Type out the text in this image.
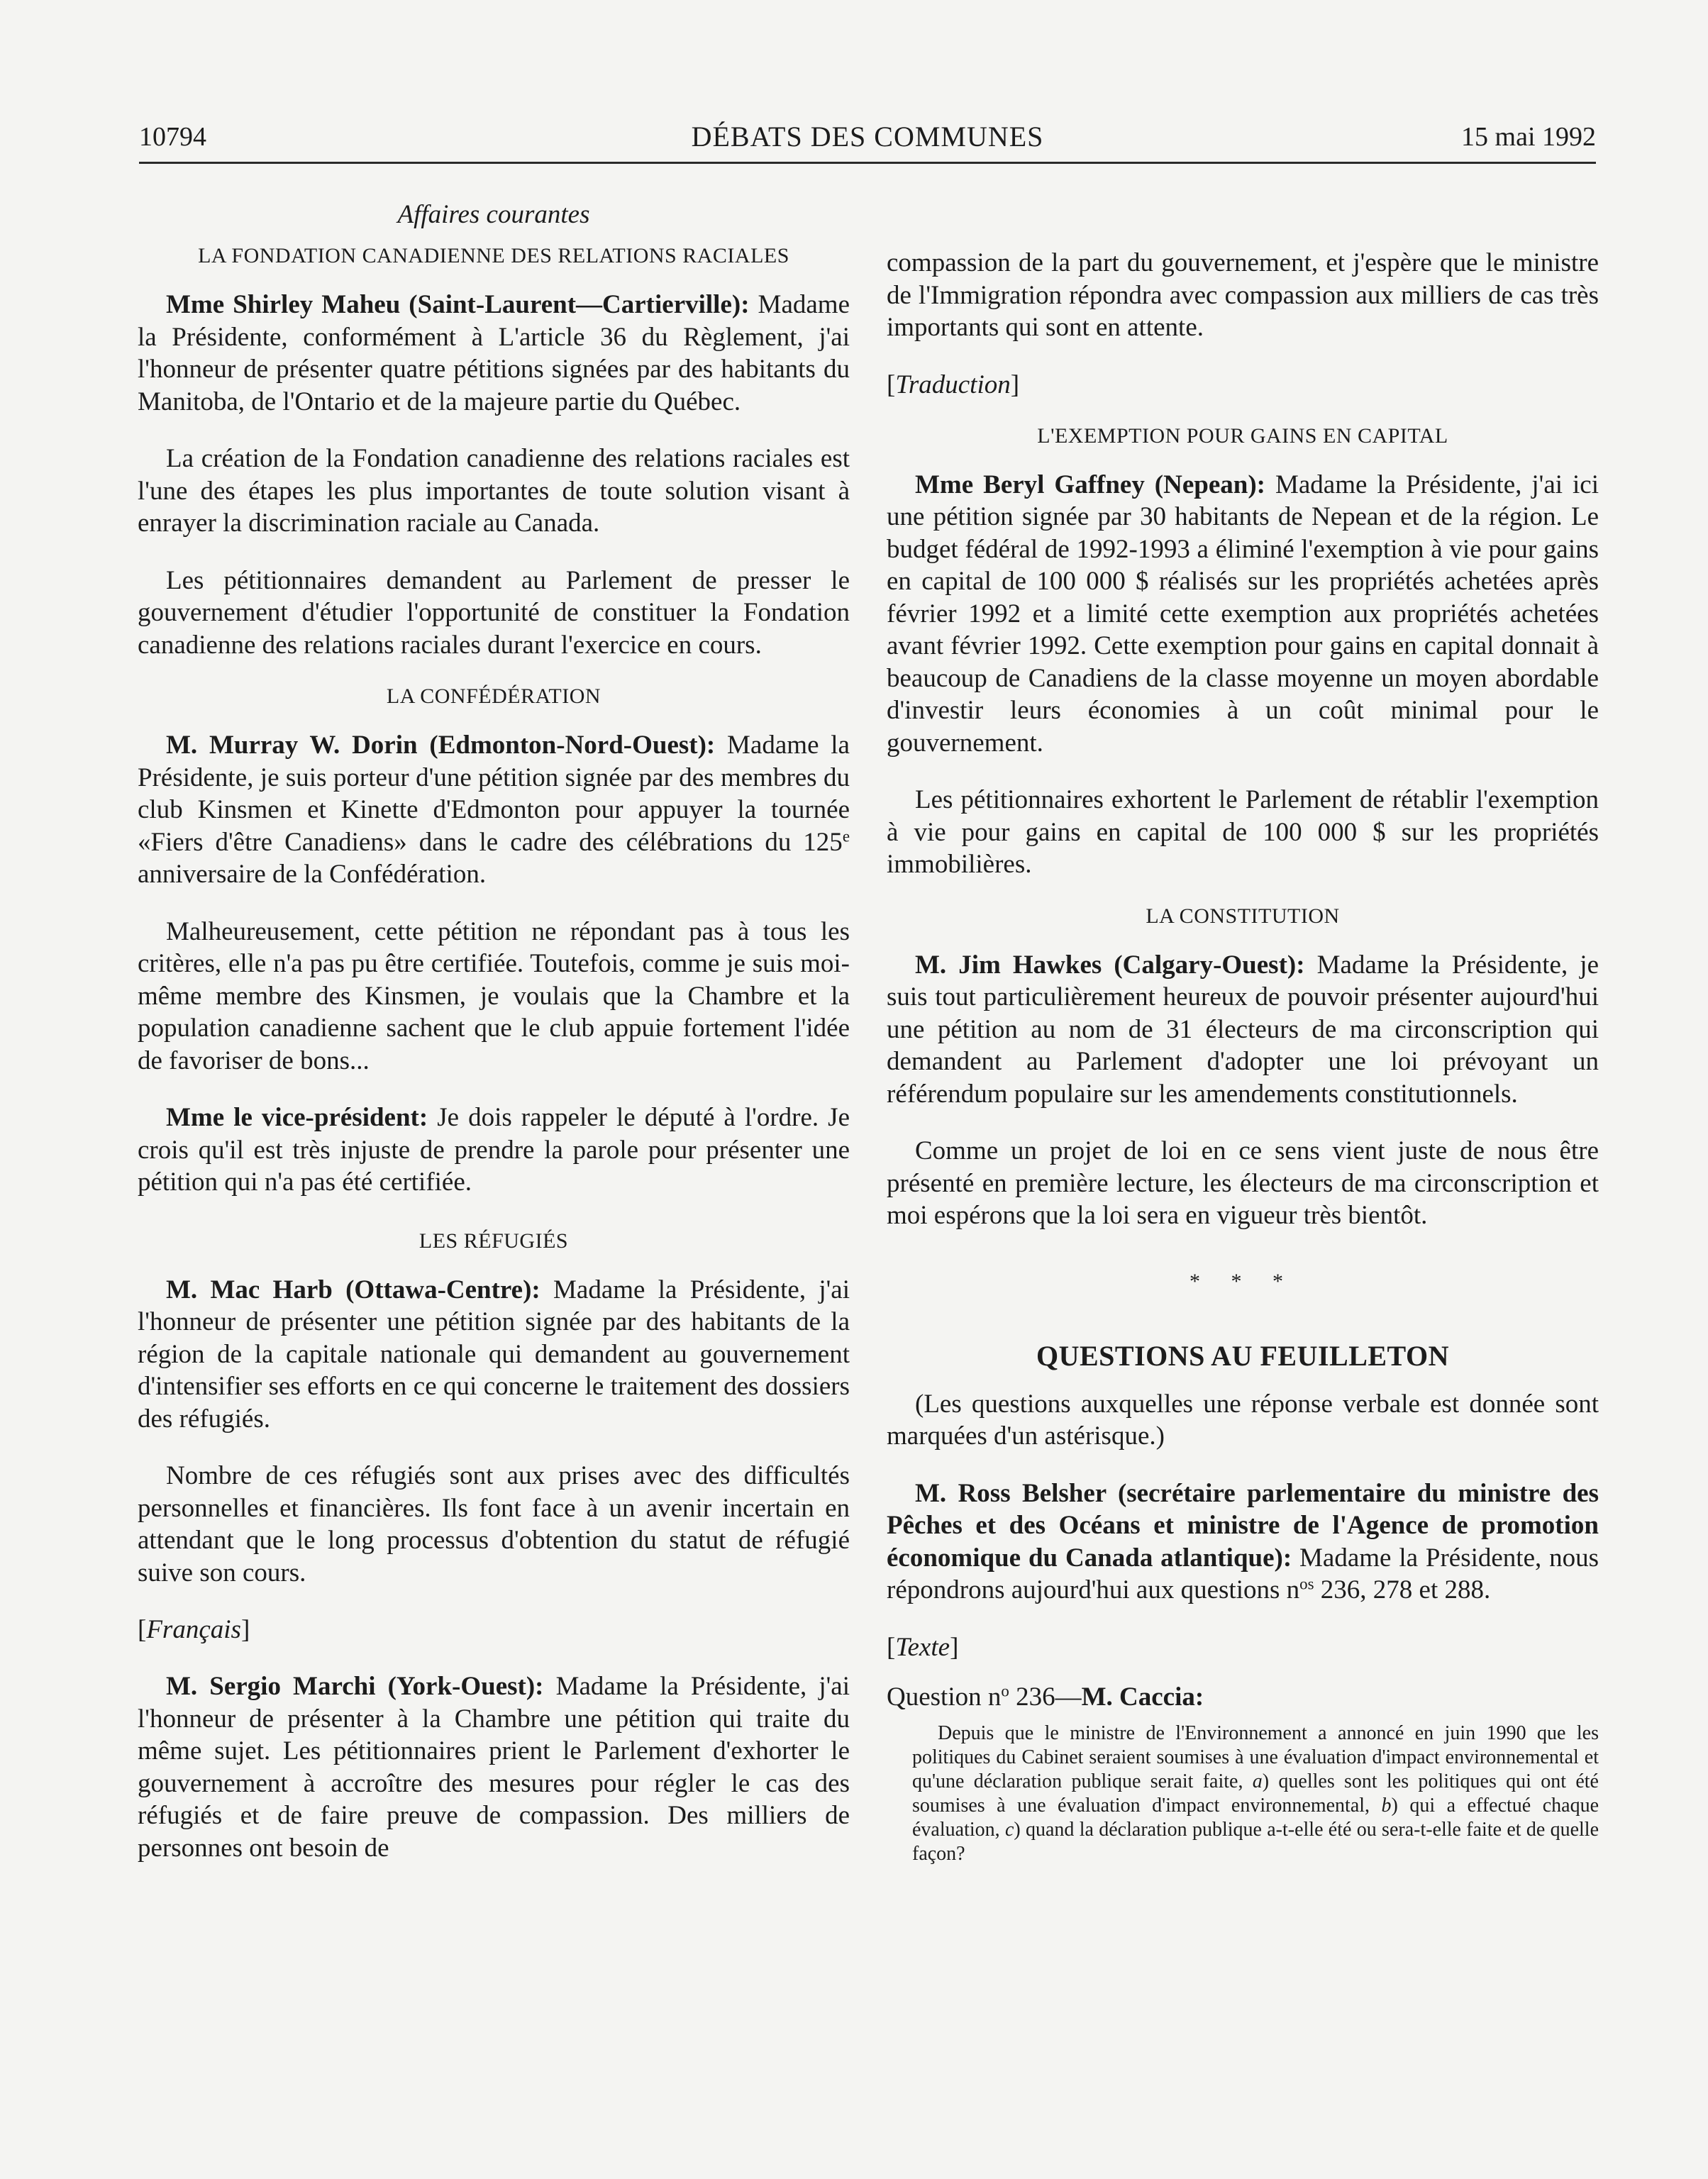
10794	DÉBATS DES COMMUNES	15 mai 1992
Affaires courantes
LA FONDATION CANADIENNE DES RELATIONS RACIALES

Mme Shirley Maheu (Saint-Laurent—Cartierville): Madame la Présidente, conformément à L'article 36 du Règlement, j'ai l'honneur de présenter quatre pétitions signées par des habitants du Manitoba, de l'Ontario et de la majeure partie du Québec.

La création de la Fondation canadienne des relations raciales est l'une des étapes les plus importantes de toute solution visant à enrayer la discrimination raciale au Canada.

Les pétitionnaires demandent au Parlement de presser le gouvernement d'étudier l'opportunité de constituer la Fondation canadienne des relations raciales durant l'exercice en cours.

LA CONFÉDÉRATION

M. Murray W. Dorin (Edmonton-Nord-Ouest): Madame la Présidente, je suis porteur d'une pétition signée par des membres du club Kinsmen et Kinette d'Edmonton pour appuyer la tournée «Fiers d'être Canadiens» dans le cadre des célébrations du 125e anniversaire de la Confédération.

Malheureusement, cette pétition ne répondant pas à tous les critères, elle n'a pas pu être certifiée. Toutefois, comme je suis moi-même membre des Kinsmen, je voulais que la Chambre et la population canadienne sachent que le club appuie fortement l'idée de favoriser de bons...

Mme le vice-président: Je dois rappeler le député à l'ordre. Je crois qu'il est très injuste de prendre la parole pour présenter une pétition qui n'a pas été certifiée.

LES RÉFUGIÉS

M. Mac Harb (Ottawa-Centre): Madame la Présidente, j'ai l'honneur de présenter une pétition signée par des habitants de la région de la capitale nationale qui demandent au gouvernement d'intensifier ses efforts en ce qui concerne le traitement des dossiers des réfugiés.

Nombre de ces réfugiés sont aux prises avec des difficultés personnelles et financières. Ils font face à un avenir incertain en attendant que le long processus d'obtention du statut de réfugié suive son cours.

[Français]

M. Sergio Marchi (York-Ouest): Madame la Présidente, j'ai l'honneur de présenter à la Chambre une pétition qui traite du même sujet. Les pétitionnaires prient le Parlement d'exhorter le gouvernement à accroître des mesures pour régler le cas des réfugiés et de faire preuve de compassion. Des milliers de personnes ont besoin de

compassion de la part du gouvernement, et j'espère que le ministre de l'Immigration répondra avec compassion aux milliers de cas très importants qui sont en attente.

[Traduction]
L'EXEMPTION POUR GAINS EN CAPITAL

Mme Beryl Gaffney (Nepean): Madame la Présidente, j'ai ici une pétition signée par 30 habitants de Nepean et de la région. Le budget fédéral de 1992-1993 a éliminé l'exemption à vie pour gains en capital de 100 000 $ réalisés sur les propriétés achetées après février 1992 et a limité cette exemption aux propriétés achetées avant février 1992. Cette exemption pour gains en capital donnait à beaucoup de Canadiens de la classe moyenne un moyen abordable d'investir leurs économies à un coût minimal pour le gouvernement.

Les pétitionnaires exhortent le Parlement de rétablir l'exemption à vie pour gains en capital de 100 000 $ sur les propriétés immobilières.

LA CONSTITUTION

M. Jim Hawkes (Calgary-Ouest): Madame la Présidente, je suis tout particulièrement heureux de pouvoir présenter aujourd'hui une pétition au nom de 31 électeurs de ma circonscription qui demandent au Parlement d'adopter une loi prévoyant un référendum populaire sur les amendements constitutionnels.

Comme un projet de loi en ce sens vient juste de nous être présenté en première lecture, les électeurs de ma circonscription et moi espérons que la loi sera en vigueur très bientôt.

* * *
QUESTIONS AU FEUILLETON

(Les questions auxquelles une réponse verbale est donnée sont marquées d'un astérisque.)

M. Ross Belsher (secrétaire parlementaire du ministre des Pêches et des Océans et ministre de l'Agence de promotion économique du Canada atlantique): Madame la Présidente, nous répondrons aujourd'hui aux questions $n^{os}$ 236, 278 et 288.

[Texte]
Question $n^o$ 236—M. Caccia:

Depuis que le ministre de l'Environnement a annoncé en juin 1990 que les politiques du Cabinet seraient soumises à une évaluation d'impact environnemental et qu'une déclaration publique serait faite, a) quelles sont les politiques qui ont été soumises à une évaluation d'impact environnemental, b) qui a effectué chaque évaluation, c) quand la déclaration publique a-t-elle été ou sera-t-elle faite et de quelle façon?
